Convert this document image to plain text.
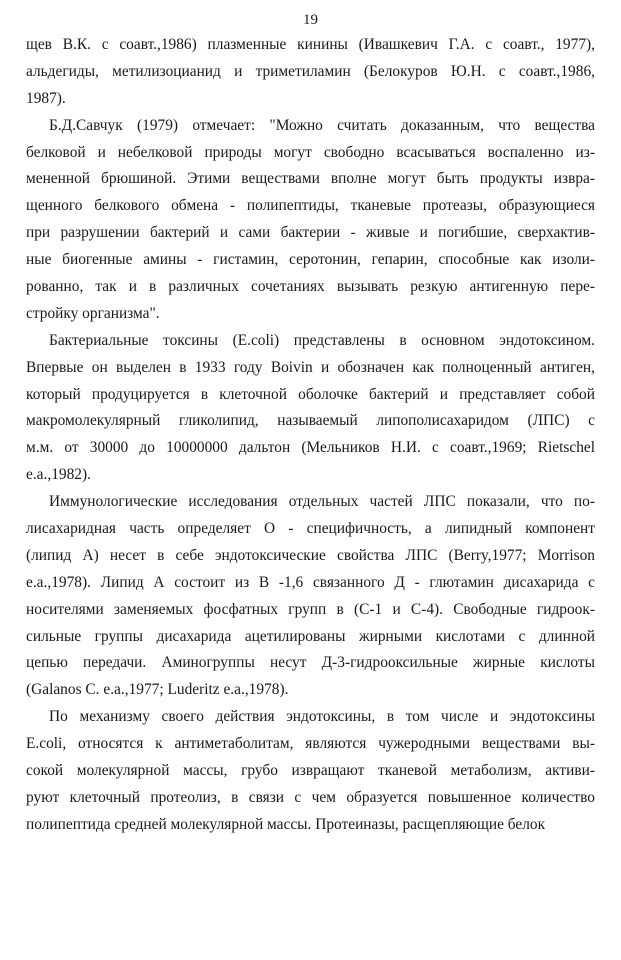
19
щев В.К. с соавт.,1986) плазменные кинины (Ивашкевич Г.А. с соавт., 1977),
альдегиды, метилизоцианид и триметиламин (Белокуров Ю.Н. с соавт.,1986,
1987).
Б.Д.Савчук (1979) отмечает: "Можно считать доказанным, что вещества
белковой и небелковой природы могут свободно всасываться воспаленно из-
мененной брюшиной. Этими веществами вполне могут быть продукты извра-
щенного белкового обмена - полипептиды, тканевые протеазы, образующиеся
при разрушении бактерий и сами бактерии - живые и погибшие, сверхактив-
ные биогенные амины - гистамин, серотонин, гепарин, способные как изоли-
рованно, так и в различных сочетаниях вызывать резкую антигенную пере-
стройку организма".
Бактериальные токсины (E.coli) представлены в основном эндотоксином.
Впервые он выделен в 1933 году Boivin и обозначен как полноценный антиген,
который продуцируется в клеточной оболочке бактерий и представляет собой
макромолекулярный гликолипид, называемый липополисахаридом (ЛПС) с
м.м. от 30000 до 10000000 дальтон (Мельников Н.И. с соавт.,1969; Rietschel
e.a.,1982).
Иммунологические исследования отдельных частей ЛПС показали, что по-
лисахаридная часть определяет О - специфичность, а липидный компонент
(липид А) несет в себе эндотоксические свойства ЛПС (Berry,1977; Morrison
e.a.,1978). Липид А состоит из В -1,6 связанного Д - глютамин дисахарида с
носителями заменяемых фосфатных групп в (С-1 и С-4). Свободные гидроок-
сильные группы дисахарида ацетилированы жирными кислотами с длинной
цепью передачи. Аминогруппы несут Д-3-гидрооксильные жирные кислоты
(Galanos C. e.a.,1977; Luderitz e.a.,1978).
По механизму своего действия эндотоксины, в том числе и эндотоксины
E.coli, относятся к антиметаболитам, являются чужеродными веществами вы-
сокой молекулярной массы, грубо извращают тканевой метаболизм, активи-
руют клеточный протеолиз, в связи с чем образуется повышенное количество
полипептида средней молекулярной массы. Протеиназы, расщепляющие белок
